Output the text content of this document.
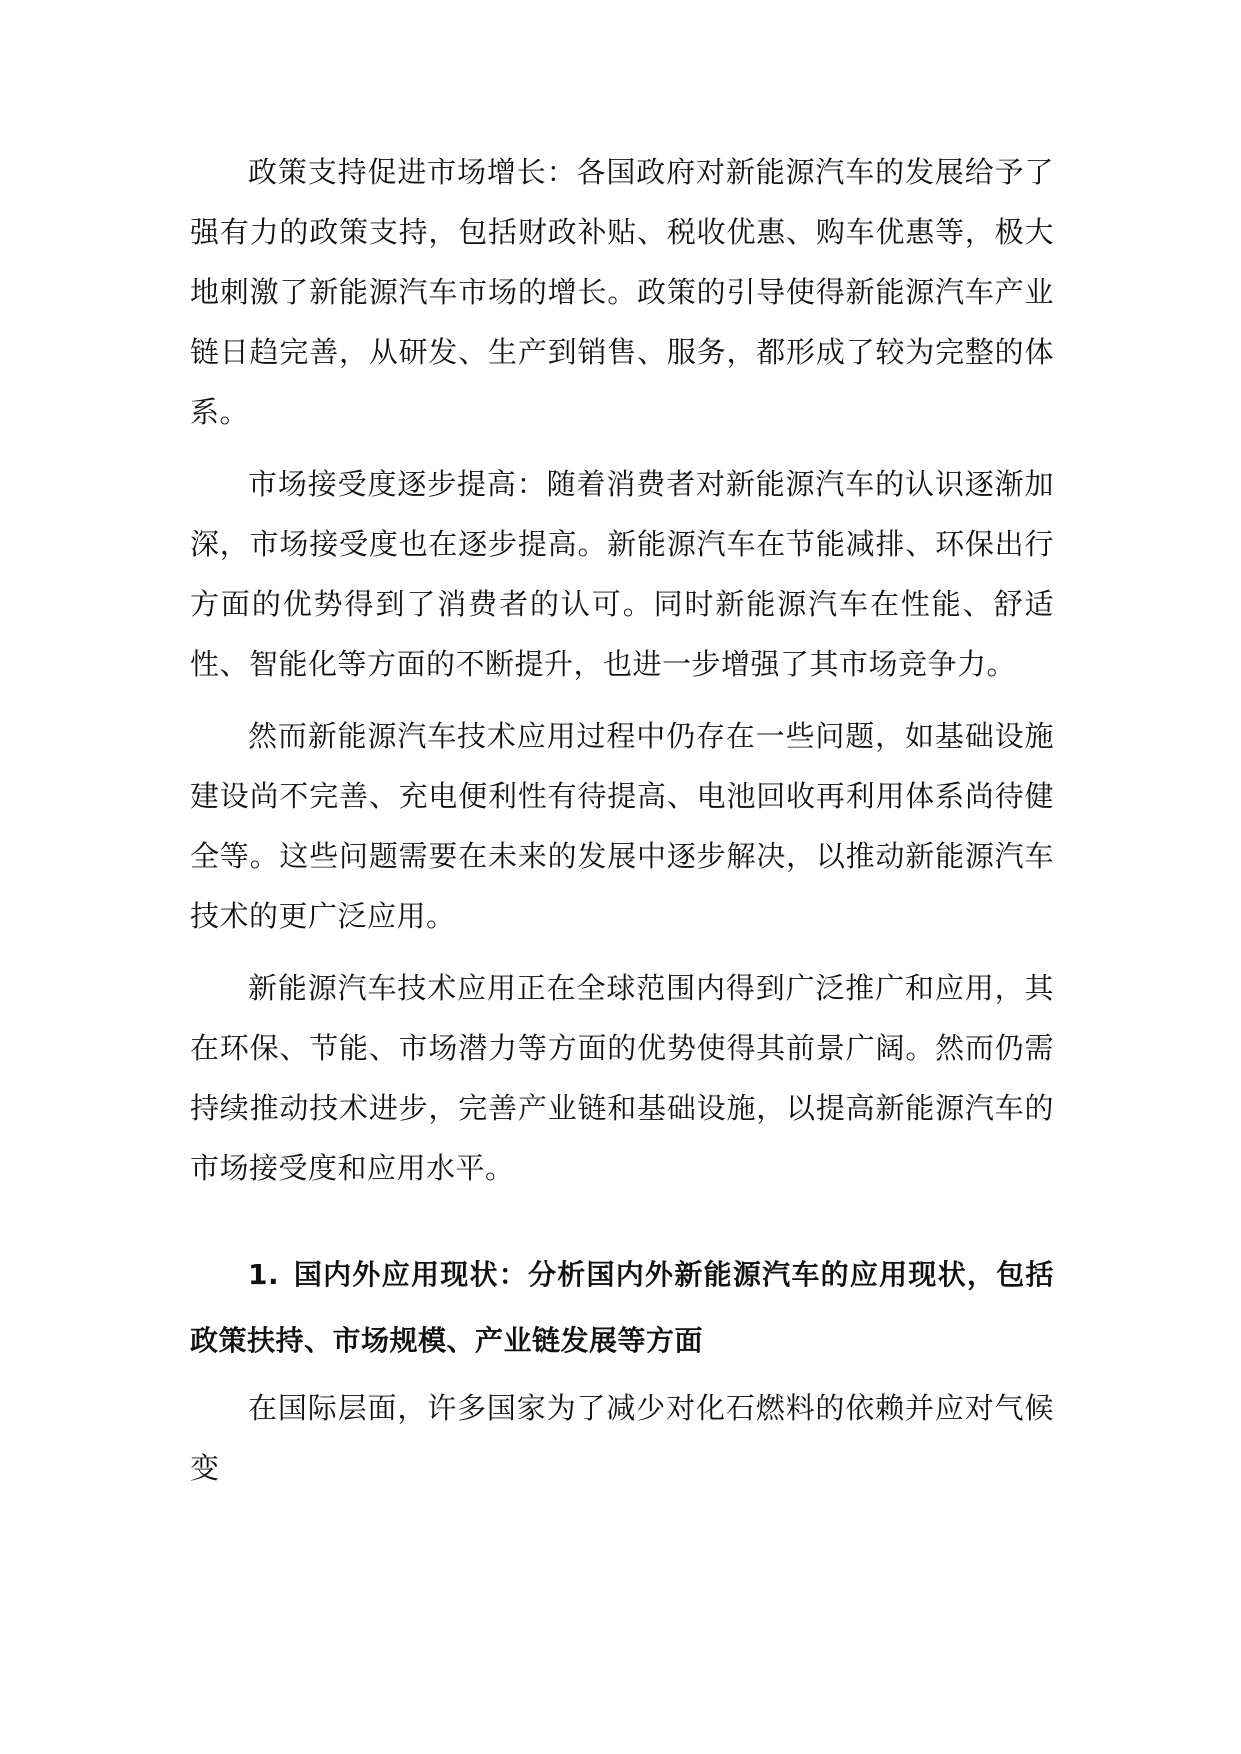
政策支持促进市场增长：各国政府对新能源汽车的发展给予了强有力的政策支持，包括财政补贴、税收优惠、购车优惠等，极大地刺激了新能源汽车市场的增长。政策的引导使得新能源汽车产业链日趋完善，从研发、生产到销售、服务，都形成了较为完整的体系。

市场接受度逐步提高：随着消费者对新能源汽车的认识逐渐加深，市场接受度也在逐步提高。新能源汽车在节能减排、环保出行方面的优势得到了消费者的认可。同时新能源汽车在性能、舒适性、智能化等方面的不断提升，也进一步增强了其市场竞争力。

然而新能源汽车技术应用过程中仍存在一些问题，如基础设施建设尚不完善、充电便利性有待提高、电池回收再利用体系尚待健全等。这些问题需要在未来的发展中逐步解决，以推动新能源汽车技术的更广泛应用。

新能源汽车技术应用正在全球范围内得到广泛推广和应用，其在环保、节能、市场潜力等方面的优势使得其前景广阔。然而仍需持续推动技术进步，完善产业链和基础设施，以提高新能源汽车的市场接受度和应用水平。

1. 国内外应用现状：分析国内外新能源汽车的应用现状，包括政策扶持、市场规模、产业链发展等方面

在国际层面，许多国家为了减少对化石燃料的依赖并应对气候变
